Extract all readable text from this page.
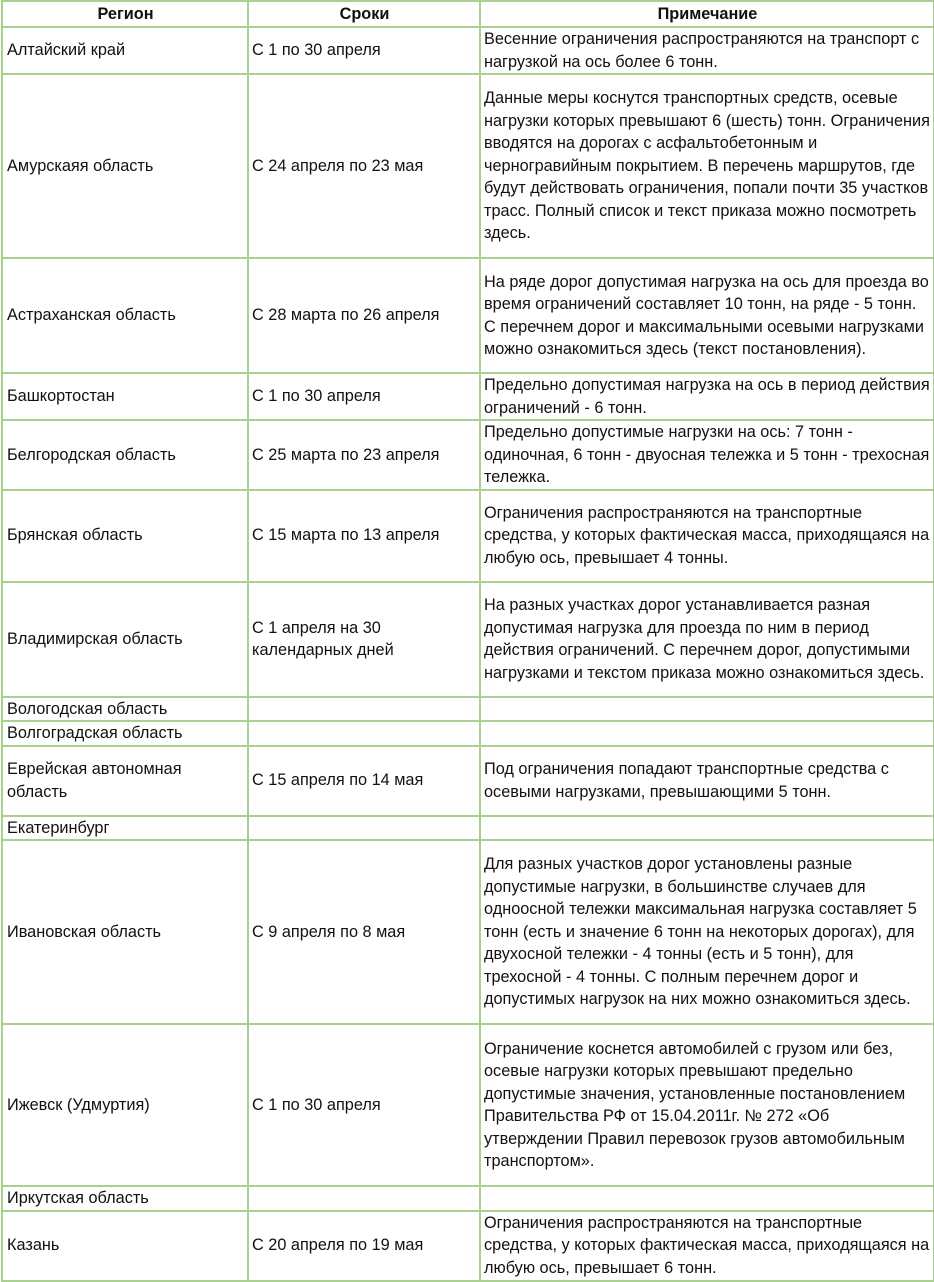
Регион	Сроки	Примечание
Алтайский край	С 1 по 30 апреля	Весенние ограничения распространяются на транспорт с нагрузкой на ось более 6 тонн.
Амурскаяя область	С 24 апреля по 23 мая	Данные меры коснутся транспортных средств, осевые нагрузки которых превышают 6 (шесть) тонн. Ограничения вводятся на дорогах с асфальтобетонным и черногравийным покрытием. В перечень маршрутов, где будут действовать ограничения, попали почти 35 участков трасс. Полный список и текст приказа можно посмотреть здесь.
Астраханская область	С 28 марта по 26 апреля	На ряде дорог допустимая нагрузка на ось для проезда во время ограничений составляет 10 тонн, на ряде - 5 тонн. С перечнем дорог и максимальными осевыми нагрузками можно ознакомиться здесь (текст постановления).
Башкортостан	С 1 по 30 апреля	Предельно допустимая нагрузка на ось в период действия ограничений - 6 тонн.
Белгородская область	С 25 марта по 23 апреля	Предельно допустимые нагрузки на ось: 7 тонн - одиночная, 6 тонн - двуосная тележка и 5 тонн - трехосная тележка.
Брянская область	С 15 марта по 13 апреля	Ограничения распространяются на транспортные средства, у которых фактическая масса, приходящаяся на любую ось, превышает 4 тонны.
Владимирская область	С 1 апреля на 30 календарных дней	На разных участках дорог устанавливается разная допустимая нагрузка для проезда по ним в период действия ограничений. С перечнем дорог, допустимыми нагрузками и текстом приказа можно ознакомиться здесь.
Вологодская область		
Волгоградская область		
Еврейская автономная область	С 15 апреля по 14 мая	Под ограничения попадают транспортные средства с осевыми нагрузками, превышающими 5 тонн.
Екатеринбург		
Ивановская область	С 9 апреля по 8 мая	Для разных участков дорог установлены разные допустимые нагрузки, в большинстве случаев для одноосной тележки максимальная нагрузка составляет 5 тонн (есть и значение 6 тонн на некоторых дорогах), для двухосной тележки - 4 тонны (есть и 5 тонн), для трехосной - 4 тонны. С полным перечнем дорог и допустимых нагрузок на них можно ознакомиться здесь.
Ижевск (Удмуртия)	С 1 по 30 апреля	Ограничение коснется автомобилей с грузом или без, осевые нагрузки которых превышают предельно допустимые значения, установленные постановлением Правительства РФ от 15.04.2011г. № 272 «Об утверждении Правил перевозок грузов автомобильным транспортом».
Иркутская область		
Казань	С 20 апреля по 19 мая	Ограничения распространяются на транспортные средства, у которых фактическая масса, приходящаяся на любую ось, превышает 6 тонн.
